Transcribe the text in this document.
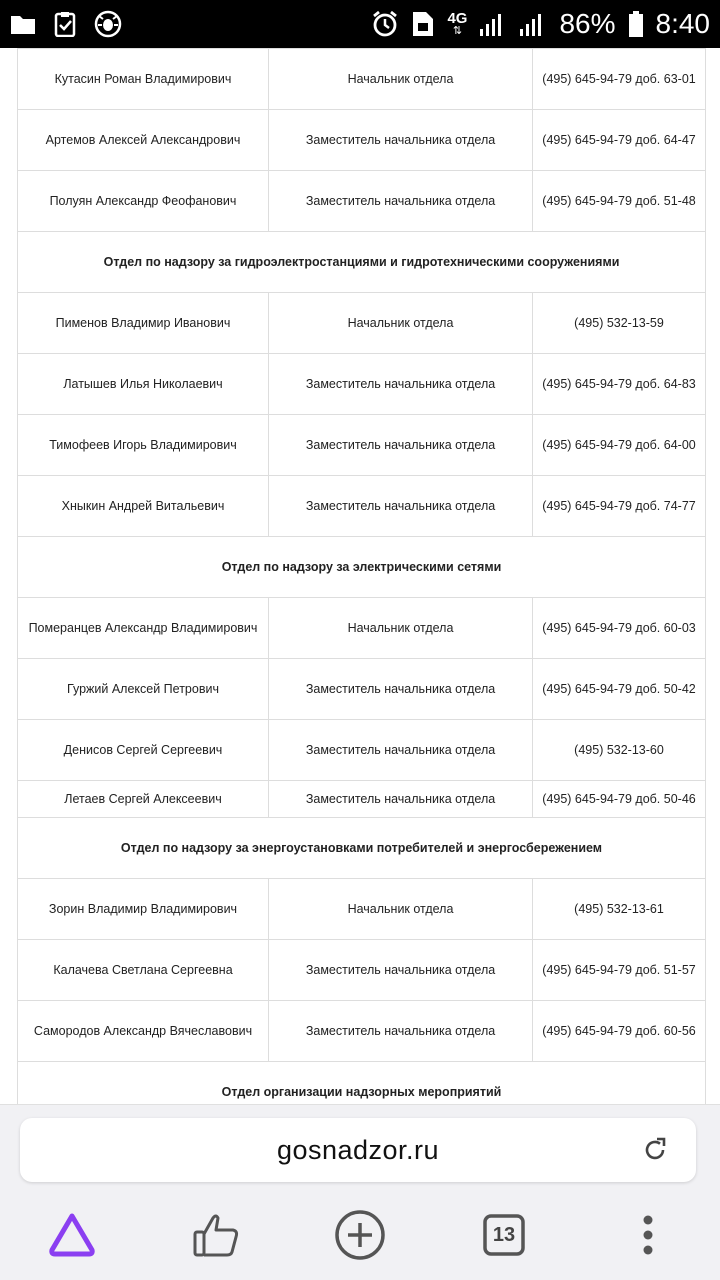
4G
⇅	86% 8:40
Кутасин Роман Владимирович	Начальник отдела	(495) 645-94-79 доб. 63-01
Артемов Алексей Александрович	Заместитель начальника отдела	(495) 645-94-79 доб. 64-47
Полуян Александр Феофанович	Заместитель начальника отдела	(495) 645-94-79 доб. 51-48
Отдел по надзору за гидроэлектростанциями и гидротехническими сооружениями		
Пименов Владимир Иванович	Начальник отдела	(495) 532-13-59
Латышев Илья Николаевич	Заместитель начальника отдела	(495) 645-94-79 доб. 64-83
Тимофеев Игорь Владимирович	Заместитель начальника отдела	(495) 645-94-79 доб. 64-00
Хныкин Андрей Витальевич	Заместитель начальника отдела	(495) 645-94-79 доб. 74-77
Отдел по надзору за электрическими сетями		
Померанцев Александр Владимирович	Начальник отдела	(495) 645-94-79 доб. 60-03
Гуржий Алексей Петрович	Заместитель начальника отдела	(495) 645-94-79 доб. 50-42
Денисов Сергей Сергеевич	Заместитель начальника отдела	(495) 532-13-60
Летаев Сергей Алексеевич	Заместитель начальника отдела	(495) 645-94-79 доб. 50-46
Отдел по надзору за энергоустановками потребителей и энергосбережением		
Зорин Владимир Владимирович	Начальник отдела	(495) 532-13-61
Калачева Светлана Сергеевна	Заместитель начальника отдела	(495) 645-94-79 доб. 51-57
Самородов Александр Вячеславович	Заместитель начальника отдела	(495) 645-94-79 доб. 60-56
Отдел организации надзорных мероприятий		
gosnadzor.ru
13
